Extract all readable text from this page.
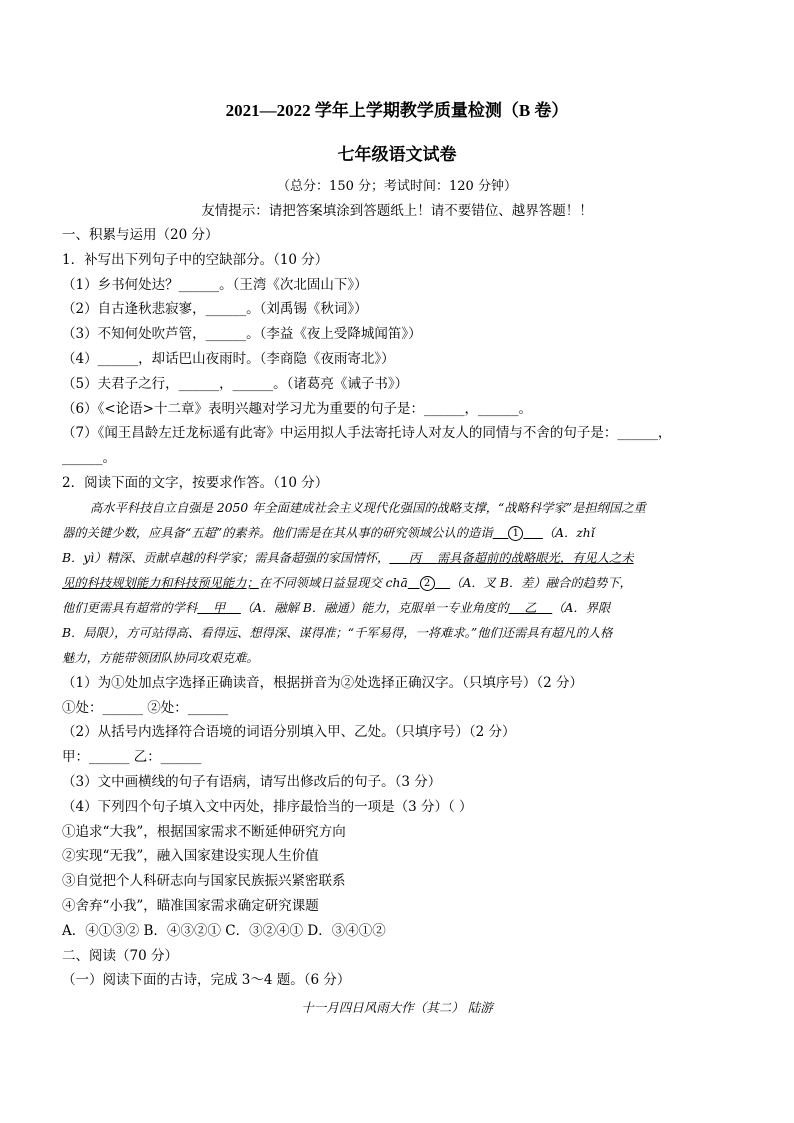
2021—2022 学年上学期教学质量检测（B 卷）
七年级语文试卷
（总分：150 分；考试时间：120 分钟）
友情提示：请把答案填涂到答题纸上！请不要错位、越界答题！！
一、积累与运用（20 分）
1．补写出下列句子中的空缺部分。（10 分）
（1）乡书何处达？______。（王湾《次北固山下》）
（2）自古逢秋悲寂寥，______。（刘禹锡《秋词》）
（3）不知何处吹芦管，______。（李益《夜上受降城闻笛》）
（4）______，却话巴山夜雨时。（李商隐《夜雨寄北》）
（5）夫君子之行，______，______。（诸葛亮《诫子书》）
（6）《<论语>十二章》表明兴趣对学习尤为重要的句子是：______，______。
（7）《闻王昌龄左迁龙标遥有此寄》中运用拟人手法寄托诗人对友人的同情与不舍的句子是：______，
______。
2．阅读下面的文字，按要求作答。（10 分）
高水平科技自立自强是 2050 年全面建成社会主义现代化强国的战略支撑，“战略科学家”是担纲国之重
器的关键少数，应具备“五超”的素养。他们需是在其从事的研究领域公认的造诣 1 （A．zhǐ
B．yì）精深、贡献卓越的科学家；需具备超强的家国情怀， 丙 需具备超前的战略眼光，有见人之未
见的科技规划能力和科技预见能力；在不同领域日益显现交 chā 2 （A．叉 B．差）融合的趋势下，
他们更需具有超常的学科 甲 （A．融解 B．融通）能力，克服单一专业角度的 乙 （A．界限
B．局限），方可站得高、看得远、想得深、谋得准；“千军易得，一将难求。”他们还需具有超凡的人格
魅力，方能带领团队协同攻艰克难。
（1）为①处加点字选择正确读音，根据拼音为②处选择正确汉字。（只填序号）（2 分）
①处：______ ②处：______
（2）从括号内选择符合语境的词语分别填入甲、乙处。（只填序号）（2 分）
甲：______ 乙：______
（3）文中画横线的句子有语病，请写出修改后的句子。（3 分）
（4）下列四个句子填入文中丙处，排序最恰当的一项是（3 分）（ ）
①追求“大我”，根据国家需求不断延伸研究方向
②实现“无我”，融入国家建设实现人生价值
③自觉把个人科研志向与国家民族振兴紧密联系
④舍弃“小我”，瞄准国家需求确定研究课题
A．④①③② B．④③②① C．③②④① D．③④①②
二、阅读（70 分）
（一）阅读下面的古诗，完成 3～4 题。（6 分）
十一月四日风雨大作（其二） 陆游
